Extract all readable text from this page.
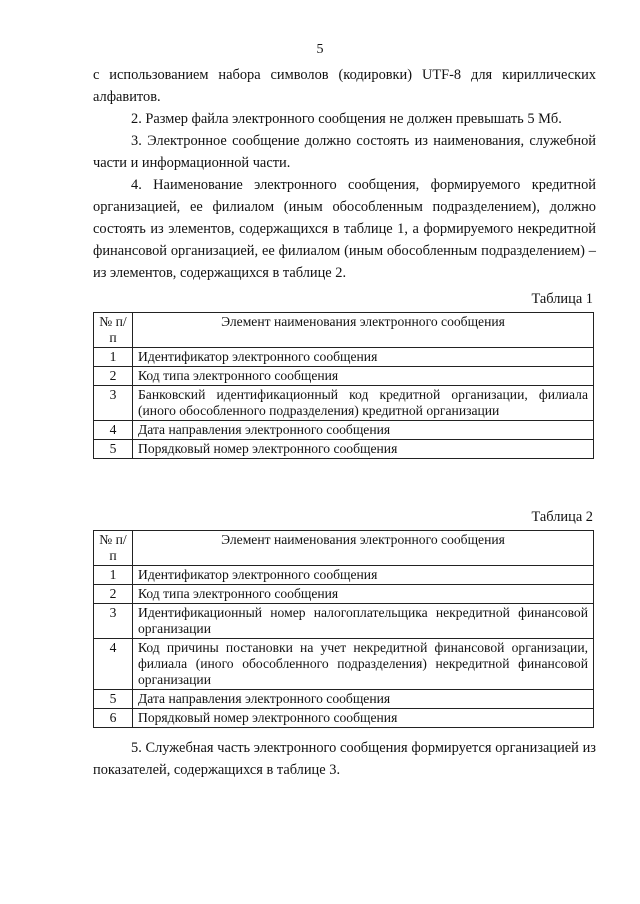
5

с использованием набора символов (кодировки) UTF-8 для кириллических алфавитов.

2. Размер файла электронного сообщения не должен превышать 5 Мб.

3. Электронное сообщение должно состоять из наименования, служебной части и информационной части.

4. Наименование электронного сообщения, формируемого кредитной организацией, ее филиалом (иным обособленным подразделением), должно состоять из элементов, содержащихся в таблице 1, а формируемого некредитной финансовой организацией, ее филиалом (иным обособленным подразделением) – из элементов, содержащихся в таблице 2.

Таблица 1
№ п/п	Элемент наименования электронного сообщения
1	Идентификатор электронного сообщения
2	Код типа электронного сообщения
3	Банковский идентификационный код кредитной организации, филиала (иного обособленного подразделения) кредитной организации
4	Дата направления электронного сообщения
5	Порядковый номер электронного сообщения
Таблица 2
№ п/п	Элемент наименования электронного сообщения
1	Идентификатор электронного сообщения
2	Код типа электронного сообщения
3	Идентификационный номер налогоплательщика некредитной финансовой организации
4	Код причины постановки на учет некредитной финансовой организации, филиала (иного обособленного подразделения) некредитной финансовой организации
5	Дата направления электронного сообщения
6	Порядковый номер электронного сообщения

5. Служебная часть электронного сообщения формируется организацией из показателей, содержащихся в таблице 3.
